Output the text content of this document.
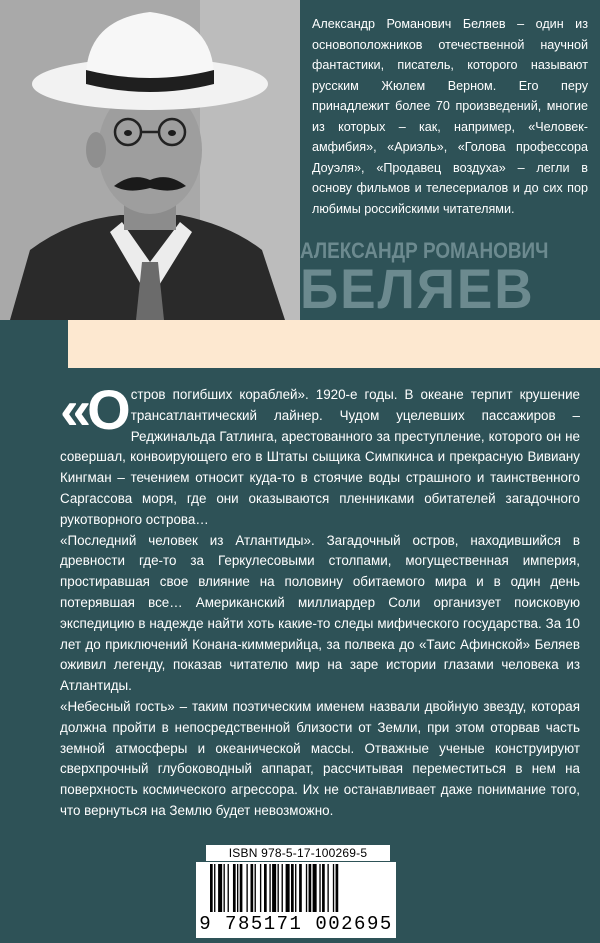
Александр Романович Беляев – один из основоположников отечественной научной фантастики, писатель, которого называют русским Жюлем Верном. Его перу принадлежит более 70 произведений, многие из которых – как, например, «Человек-амфибия», «Ариэль», «Голова профессора Доуэля», «Продавец воздуха» – легли в основу фильмов и телесериалов и до сих пор любимы российскими читателями.

АЛЕКСАНДР РОМАНОВИЧ
БЕЛЯЕВ

«Остров погибших кораблей». 1920-е годы. В океане терпит крушение трансатлантический лайнер. Чудом уцелевших пассажиров – Реджинальда Гатлинга, арестованного за преступление, которого он не совершал, конвоирующего его в Штаты сыщика Симпкинса и прекрасную Вивиану Кингман – течением относит куда-то в стоячие воды страшного и таинственного Саргассова моря, где они оказываются пленниками обитателей загадочного рукотворного острова…

«Последний человек из Атлантиды». Загадочный остров, находившийся в древности где-то за Геркулесовыми столпами, могущественная империя, простиравшая свое влияние на половину обитаемого мира и в один день потерявшая все… Американский миллиардер Соли организует поисковую экспедицию в надежде найти хоть какие-то следы мифического государства. За 10 лет до приключений Конана-киммерийца, за полвека до «Таис Афинской» Беляев оживил легенду, показав читателю мир на заре истории глазами человека из Атлантиды.

«Небесный гость» – таким поэтическим именем назвали двойную звезду, которая должна пройти в непосредственной близости от Земли, при этом оторвав часть земной атмосферы и океанической массы. Отважные ученые конструируют сверхпрочный глубоководный аппарат, рассчитывая переместиться в нем на поверхность космического агрессора. Их не останавливает даже понимание того, что вернуться на Землю будет невозможно.

ISBN 978-5-17-100269-5
9 785171 002695
